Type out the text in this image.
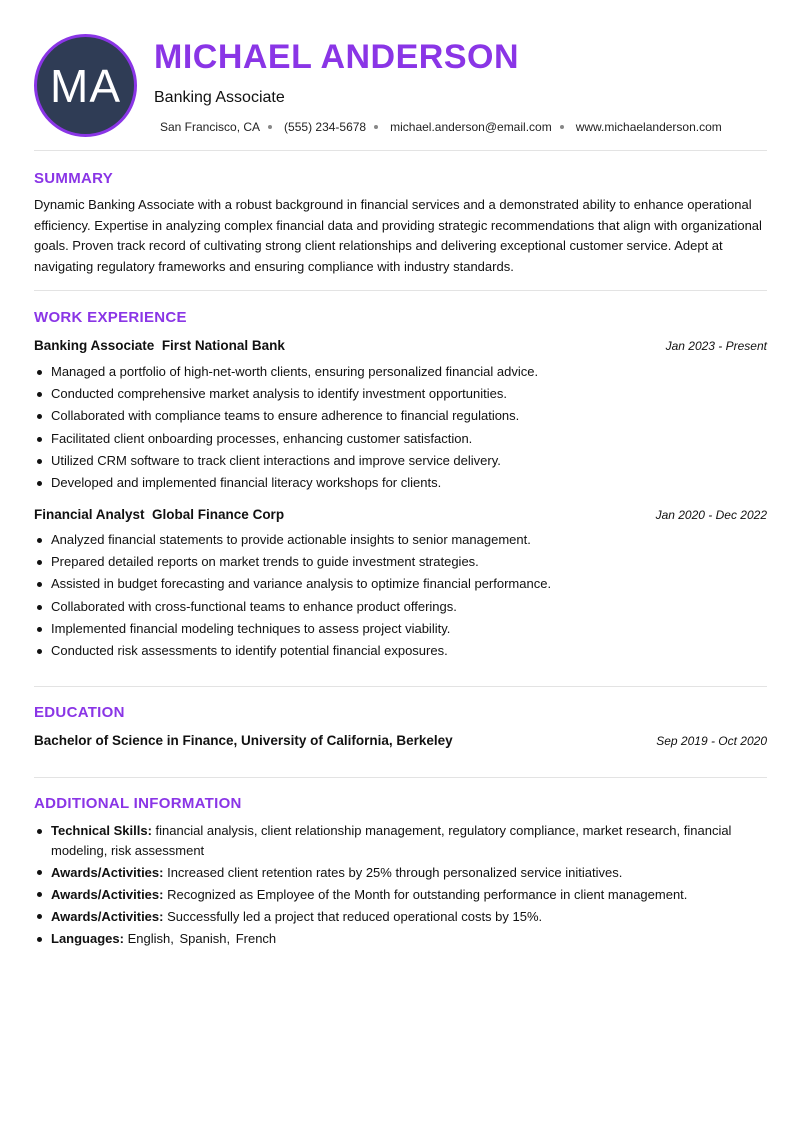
MA
MICHAEL ANDERSON
Banking Associate
San Francisco, CA (555) 234-5678 michael.anderson@email.com www.michaelanderson.com
SUMMARY

Dynamic Banking Associate with a robust background in financial services and a demonstrated ability to enhance operational efficiency. Expertise in analyzing complex financial data and providing strategic recommendations that align with organizational goals. Proven track record of cultivating strong client relationships and delivering exceptional customer service. Adept at navigating regulatory frameworks and ensuring compliance with industry standards.

WORK EXPERIENCE
Banking Associate First National Bank	Jan 2023 - Present
Managed a portfolio of high-net-worth clients, ensuring personalized financial advice.
Conducted comprehensive market analysis to identify investment opportunities.
Collaborated with compliance teams to ensure adherence to financial regulations.
Facilitated client onboarding processes, enhancing customer satisfaction.
Utilized CRM software to track client interactions and improve service delivery.
Developed and implemented financial literacy workshops for clients.
Financial Analyst Global Finance Corp	Jan 2020 - Dec 2022
Analyzed financial statements to provide actionable insights to senior management.
Prepared detailed reports on market trends to guide investment strategies.
Assisted in budget forecasting and variance analysis to optimize financial performance.
Collaborated with cross-functional teams to enhance product offerings.
Implemented financial modeling techniques to assess project viability.
Conducted risk assessments to identify potential financial exposures.
EDUCATION
Bachelor of Science in Finance, University of California, Berkeley	Sep 2019 - Oct 2020
ADDITIONAL INFORMATION
Technical Skills: financial analysis, client relationship management, regulatory compliance, market research, financial modeling, risk assessment
Awards/Activities: Increased client retention rates by 25% through personalized service initiatives.
Awards/Activities: Recognized as Employee of the Month for outstanding performance in client management.
Awards/Activities: Successfully led a project that reduced operational costs by 15%.
Languages: English, Spanish, French
